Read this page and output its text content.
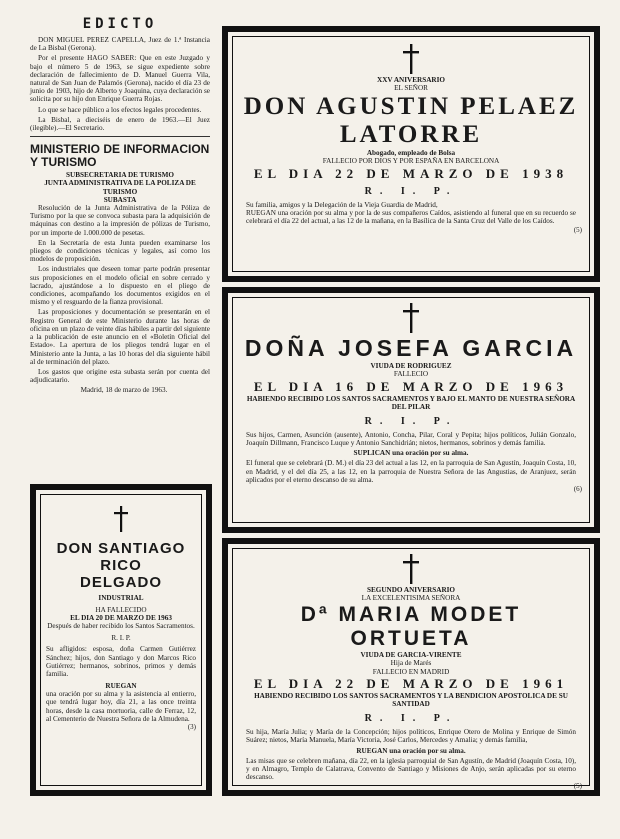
EDICTO

DON MIGUEL PEREZ CAPELLA, Juez de 1.ª Instancia de La Bisbal (Gerona).

Por el presente HAGO SABER: Que en este Juzgado y bajo el número 5 de 1963, se sigue expediente sobre declaración de fallecimiento de D. Manuel Guerra Vila, natural de San Juan de Palamós (Gerona), nacido el día 23 de junio de 1903, hijo de Alberto y Joaquina, cuya declaración se solicita por su hijo don Enrique Guerra Rojas.

Lo que se hace público a los efectos legales procedentes.

La Bisbal, a dieciséis de enero de 1963.—El Juez (ilegible).—El Secretario.

MINISTERIO DE INFORMACION Y TURISMO
SUBSECRETARIA DE TURISMO
JUNTA ADMINISTRATIVA DE LA POLIZA DE TURISMO
SUBASTA

Resolución de la Junta Administrativa de la Póliza de Turismo por la que se convoca subasta para la adquisición de máquinas con destino a la impresión de pólizas de Turismo, por un importe de 1.000.000 de pesetas.

En la Secretaría de esta Junta pueden examinarse los pliegos de condiciones técnicas y legales, así como los modelos de proposición.

Los industriales que deseen tomar parte podrán presentar sus proposiciones en el modelo oficial en sobre cerrado y lacrado, ajustándose a lo dispuesto en el pliego de condiciones, acompañando los documentos exigidos en el mismo y el resguardo de la fianza provisional.

Las proposiciones y documentación se presentarán en el Registro General de este Ministerio durante las horas de oficina en un plazo de veinte días hábiles a partir del siguiente a la publicación de este anuncio en el «Boletín Oficial del Estado». La apertura de los pliegos tendrá lugar en el Ministerio ante la Junta, a las 10 horas del día siguiente hábil al de terminación del plazo.

Los gastos que origine esta subasta serán por cuenta del adjudicatario.

Madrid, 18 de marzo de 1963.
DON SANTIAGO RICO
DELGADO
INDUSTRIAL
HA FALLECIDO
EL DIA 20 DE MARZO DE 1963
Después de haber recibido los Santos Sacramentos.
R. I. P.
Su afligidos: esposa, doña Carmen Gutiérrez Sánchez; hijos, don Santiago y don Marcos Rico Gutiérrez; hermanos, sobrinos, primos y demás familia.
RUEGAN
una oración por su alma y la asistencia al entierro, que tendrá lugar hoy, día 21, a las once treinta horas, desde la casa mortuoria, calle de Ferraz, 12, al Cementerio de Nuestra Señora de la Almudena.
(3)
XXV ANIVERSARIO
EL SEÑOR
DON AGUSTIN PELAEZ
LATORRE
Abogado, empleado de Bolsa
FALLECIO POR DIOS Y POR ESPAÑA EN BARCELONA
EL DIA 22 DE MARZO DE 1938
R. I. P.
Su familia, amigos y la Delegación de la Vieja Guardia de Madrid,
RUEGAN una oración por su alma y por la de sus compañeros Caídos, asistiendo al funeral que en su recuerdo se celebrará el día 22 del actual, a las 12 de la mañana, en la Basílica de la Santa Cruz del Valle de los Caídos.
(5)
DOÑA JOSEFA GARCIA
VIUDA DE RODRIGUEZ
FALLECIO
EL DIA 16 DE MARZO DE 1963
HABIENDO RECIBIDO LOS SANTOS SACRAMENTOS Y BAJO EL MANTO DE NUESTRA SEÑORA DEL PILAR
R. I. P.
Sus hijos, Carmen, Asunción (ausente), Antonio, Concha, Pilar, Coral y Pepita; hijos políticos, Julián Gonzalo, Joaquín Dillmann, Francisco Luque y Antonio Sanchidrián; nietos, hermanos, sobrinos y demás familia.
SUPLICAN una oración por su alma.
El funeral que se celebrará (D. M.) el día 23 del actual a las 12, en la parroquia de San Agustín, Joaquín Costa, 10, en Madrid, y el del día 25, a las 12, en la parroquia de Nuestra Señora de las Angustias, de Aranjuez, serán aplicados por el eterno descanso de su alma.
(6)
SEGUNDO ANIVERSARIO
LA EXCELENTISIMA SEÑORA
Dª MARIA MODET ORTUETA
VIUDA DE GARCIA-VIRENTE
Hija de Marés
FALLECIO EN MADRID
EL DIA 22 DE MARZO DE 1961
HABIENDO RECIBIDO LOS SANTOS SACRAMENTOS Y LA BENDICION APOSTOLICA DE SU SANTIDAD
R. I. P.
Su hija, María Julia; y María de la Concepción; hijos políticos, Enrique Otero de Molina y Enrique de Simón Suárez; nietos, María Manuela, María Victoria, José Carlos, Mercedes y Amalia; y demás familia,
RUEGAN una oración por su alma.
Las misas que se celebren mañana, día 22, en la iglesia parroquial de San Agustín, de Madrid (Joaquín Costa, 10), y en Almagro, Templo de Calatrava, Convento de Santiago y Misiones de Anjo, serán aplicadas por su eterno descanso.
(5)
